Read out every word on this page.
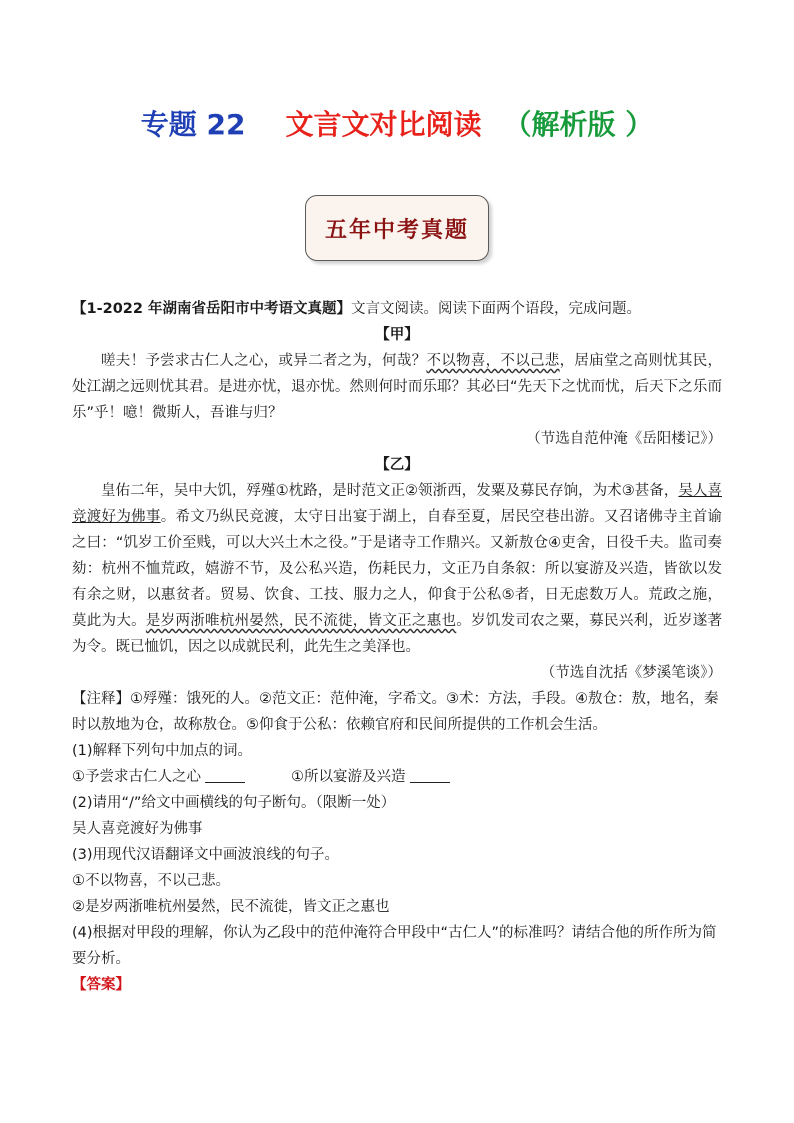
专题 22 文言文对比阅读 （解析版 ）
五年中考真题

【1-2022 年湖南省岳阳市中考语文真题】文言文阅读。阅读下面两个语段，完成问题。

【甲】

嗟夫！予尝求古仁人之心，或异二者之为，何哉？不以物喜，不以己悲，居庙堂之高则忧其民，处江湖之远则忧其君。是进亦忧，退亦忧。然则何时而乐耶？其必曰“先天下之忧而忧，后天下之乐而乐”乎！噫！微斯人，吾谁与归？

（节选自范仲淹《岳阳楼记》）

【乙】

皇佑二年，吴中大饥，殍殣①枕路，是时范文正②领浙西，发粟及募民存饷，为术③甚备，吴人喜竞渡好为佛事。希文乃纵民竞渡，太守日出宴于湖上，自春至夏，居民空巷出游。又召诸佛寺主首谕之曰：“饥岁工价至贱，可以大兴土木之役。”于是诸寺工作鼎兴。又新敖仓④吏舍，日役千夫。监司奏劾：杭州不恤荒政，嬉游不节，及公私兴造，伤耗民力，文正乃自条叙：所以宴游及兴造，皆欲以发有余之财，以惠贫者。贸易、饮食、工技、服力之人，仰食于公私⑤者，日无虑数万人。荒政之施，莫此为大。是岁两浙唯杭州晏然，民不流徙，皆文正之惠也。岁饥发司农之粟，募民兴利，近岁遂著为令。既已恤饥，因之以成就民利，此先生之美泽也。

（节选自沈括《梦溪笔谈》）

【注释】①殍殣：饿死的人。②范文正：范仲淹，字希文。③术：方法，手段。④敖仓：敖，地名，秦时以敖地为仓，故称敖仓。⑤仰食于公私：依赖官府和民间所提供的工作机会生活。

(1)解释下列句中加点的词。

①予尝求古仁人之心	①所以宴游及兴造

(2)请用“/”给文中画横线的句子断句。（限断一处）

吴人喜竞渡好为佛事

(3)用现代汉语翻译文中画波浪线的句子。

①不以物喜，不以己悲。

②是岁两浙唯杭州晏然，民不流徙，皆文正之惠也

(4)根据对甲段的理解，你认为乙段中的范仲淹符合甲段中“古仁人”的标准吗？请结合他的所作所为简要分析。

【答案】
